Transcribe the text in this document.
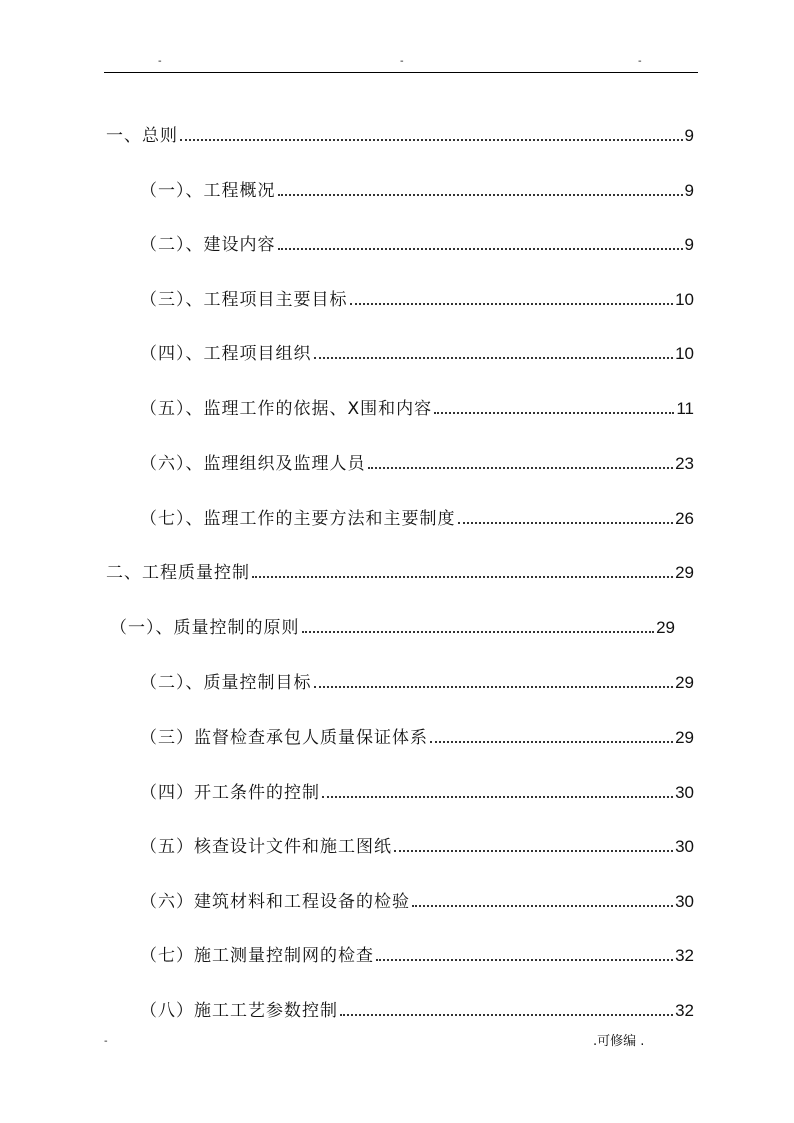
-	-	-
一、总则	9
（一）、工程概况	9
（二）、建设内容	9
（三）、工程项目主要目标	10
（四）、工程项目组织	10
（五）、监理工作的依据、X围和内容	11
（六）、监理组织及监理人员	23
（七）、监理工作的主要方法和主要制度	26
二、工程质量控制	29
（一）、质量控制的原则	29
（二）、质量控制目标	29
（三）监督检查承包人质量保证体系	29
（四）开工条件的控制	30
（五）核查设计文件和施工图纸	30
（六）建筑材料和工程设备的检验	30
（七）施工测量控制网的检查	32
（八）施工工艺参数控制	32
-	.可修编 .
